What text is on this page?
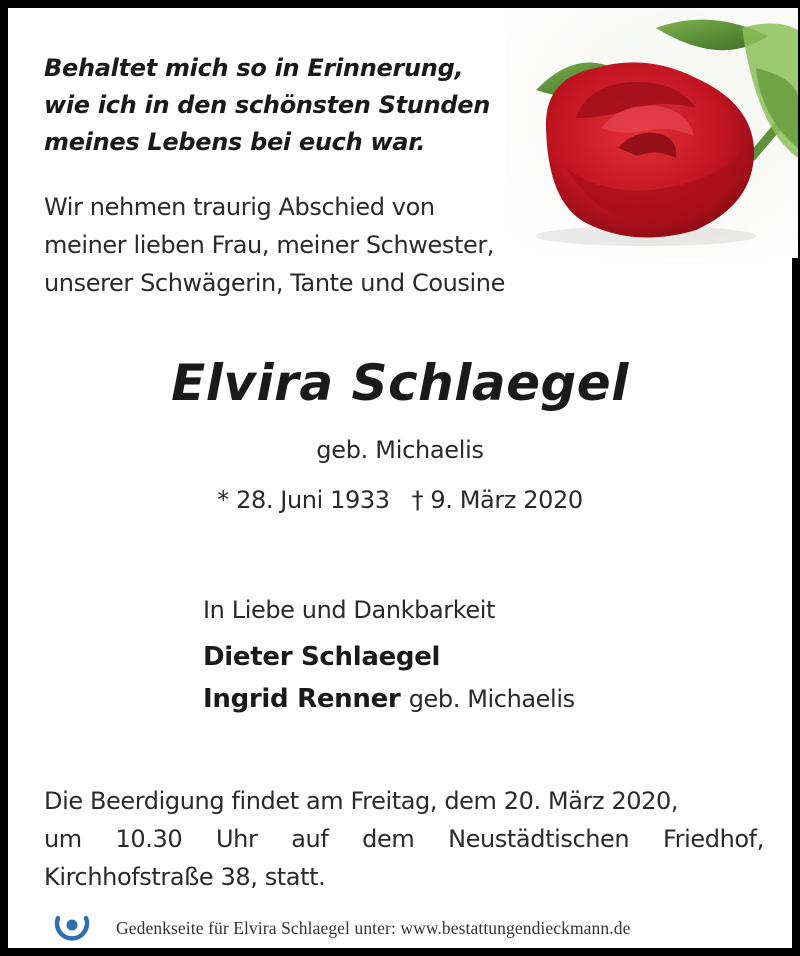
Behaltet mich so in Erinnerung,
wie ich in den schönsten Stunden
meines Lebens bei euch war.
Wir nehmen traurig Abschied von
meiner lieben Frau, meiner Schwester,
unserer Schwägerin, Tante und Cousine
Elvira Schlaegel
geb. Michaelis
* 28. Juni 1933 † 9. März 2020
In Liebe und Dankbarkeit
Dieter Schlaegel
Ingrid Renner geb. Michaelis
Die Beerdigung findet am Freitag, dem 20. März 2020,
um 10.30 Uhr auf dem Neustädtischen Friedhof,
Kirchhofstraße 38, statt.
Gedenkseite für Elvira Schlaegel unter: www.bestattungendieckmann.de
